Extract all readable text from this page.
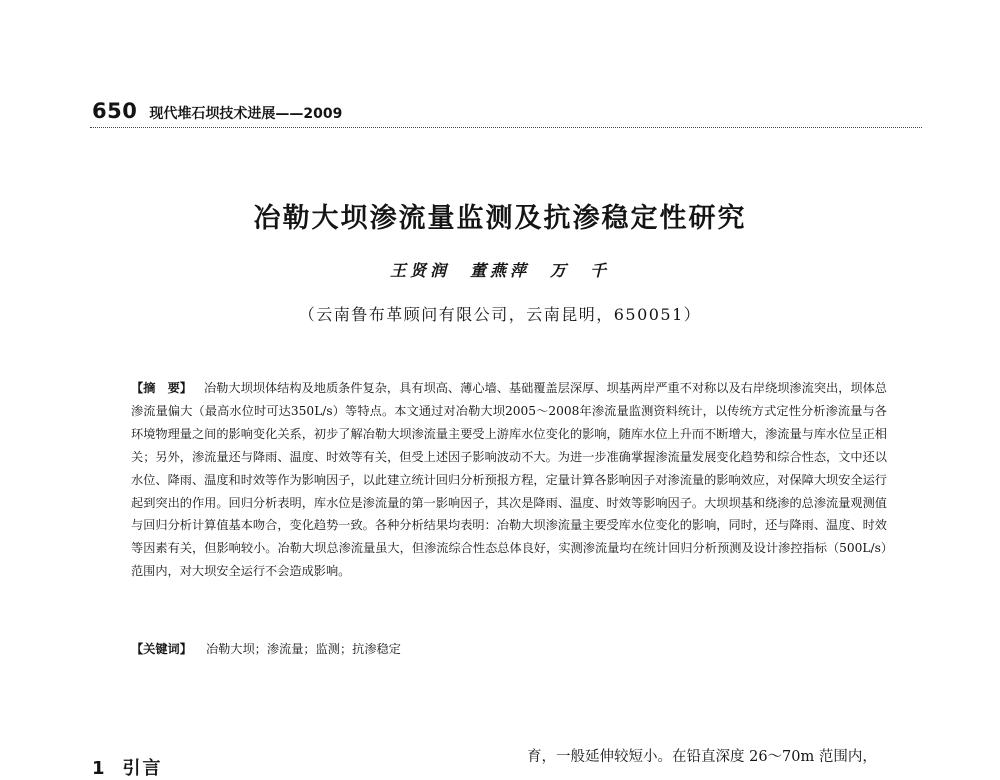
650 现代堆石坝技术进展——2009
冶勒大坝渗流量监测及抗渗稳定性研究
王贤润　董燕萍　万　千
（云南鲁布革顾问有限公司，云南昆明，650051）
【摘　要】 冶勒大坝坝体结构及地质条件复杂，具有坝高、薄心墙、基础覆盖层深厚、坝基两岸严重不对称以及右岸绕坝渗流突出，坝体总渗流量偏大（最高水位时可达350L/s）等特点。本文通过对冶勒大坝2005～2008年渗流量监测资料统计，以传统方式定性分析渗流量与各环境物理量之间的影响变化关系，初步了解冶勒大坝渗流量主要受上游库水位变化的影响，随库水位上升而不断增大，渗流量与库水位呈正相关；另外，渗流量还与降雨、温度、时效等有关，但受上述因子影响波动不大。为进一步准确掌握渗流量发展变化趋势和综合性态，文中还以水位、降雨、温度和时效等作为影响因子，以此建立统计回归分析预报方程，定量计算各影响因子对渗流量的影响效应，对保障大坝安全运行起到突出的作用。回归分析表明，库水位是渗流量的第一影响因子，其次是降雨、温度、时效等影响因子。大坝坝基和绕渗的总渗流量观测值与回归分析计算值基本吻合，变化趋势一致。各种分析结果均表明：冶勒大坝渗流量主要受库水位变化的影响，同时，还与降雨、温度、时效等因素有关，但影响较小。冶勒大坝总渗流量虽大，但渗流综合性态总体良好，实测渗流量均在统计回归分析预测及设计渗控指标（500L/s）范围内，对大坝安全运行不会造成影响。
【关键词】 冶勒大坝；渗流量；监测；抗渗稳定
1 引言
育，一般延伸较短小。在铅直深度 26～70m 范围内，
